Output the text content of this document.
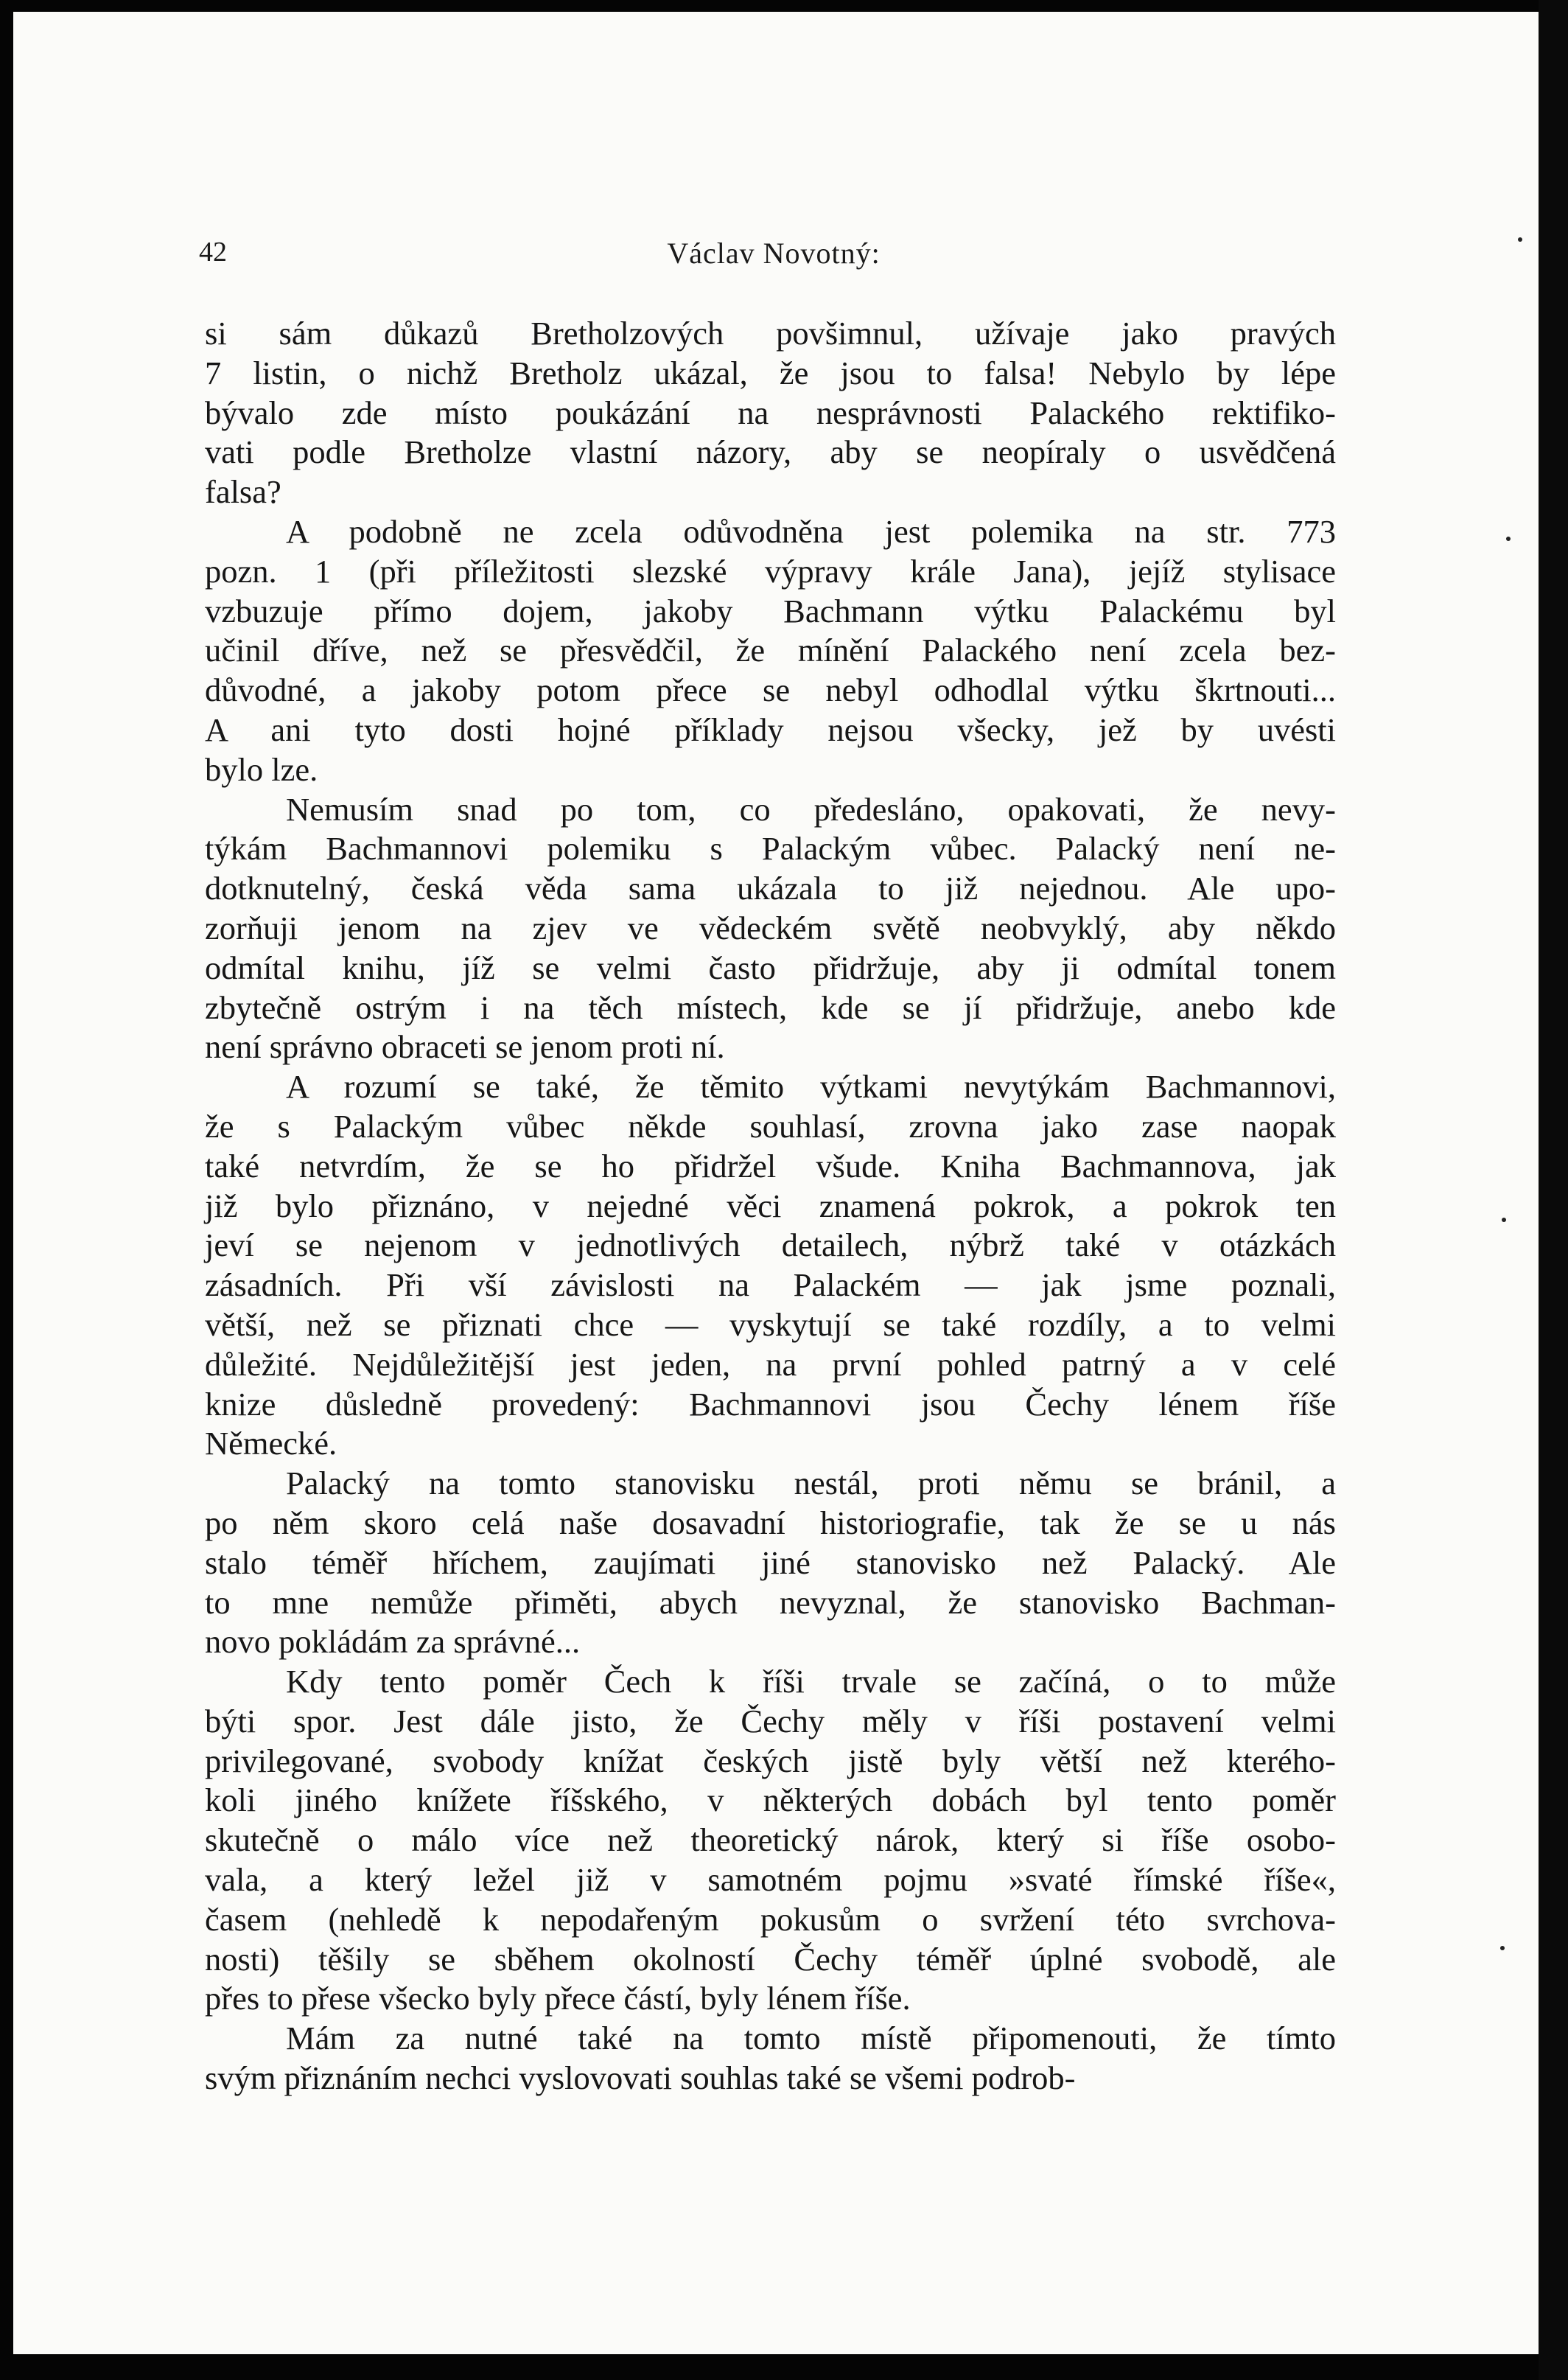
42	Václav Novotný:

si sám důkazů Bretholzových povšimnul, užívaje jako pravých
7 listin, o nichž Bretholz ukázal, že jsou to falsa! Nebylo by lépe
bývalo zde místo poukázání na nesprávnosti Palackého rektifiko-
vati podle Bretholze vlastní názory, aby se neopíraly o usvědčená
falsa?

A podobně ne zcela odůvodněna jest polemika na str. 773
pozn. 1 (při příležitosti slezské výpravy krále Jana), jejíž stylisace
vzbuzuje přímo dojem, jakoby Bachmann výtku Palackému byl
učinil dříve, než se přesvědčil, že mínění Palackého není zcela bez-
důvodné, a jakoby potom přece se nebyl odhodlal výtku škrtnouti...
A ani tyto dosti hojné příklady nejsou všecky, jež by uvésti
bylo lze.

Nemusím snad po tom, co předesláno, opakovati, že nevy-
týkám Bachmannovi polemiku s Palackým vůbec. Palacký není ne-
dotknutelný, česká věda sama ukázala to již nejednou. Ale upo-
zorňuji jenom na zjev ve vědeckém světě neobvyklý, aby někdo
odmítal knihu, jíž se velmi často přidržuje, aby ji odmítal tonem
zbytečně ostrým i na těch místech, kde se jí přidržuje, anebo kde
není správno obraceti se jenom proti ní.

A rozumí se také, že těmito výtkami nevytýkám Bachmannovi,
že s Palackým vůbec někde souhlasí, zrovna jako zase naopak
také netvrdím, že se ho přidržel všude. Kniha Bachmannova, jak
již bylo přiznáno, v nejedné věci znamená pokrok, a pokrok ten
jeví se nejenom v jednotlivých detailech, nýbrž také v otázkách
zásadních. Při vší závislosti na Palackém — jak jsme poznali,
větší, než se přiznati chce — vyskytují se také rozdíly, a to velmi
důležité. Nejdůležitější jest jeden, na první pohled patrný a v celé
knize důsledně provedený: Bachmannovi jsou Čechy lénem říše
Německé.

Palacký na tomto stanovisku nestál, proti němu se bránil, a
po něm skoro celá naše dosavadní historiografie, tak že se u nás
stalo téměř hříchem, zaujímati jiné stanovisko než Palacký. Ale
to mne nemůže přiměti, abych nevyznal, že stanovisko Bachman-
novo pokládám za správné...

Kdy tento poměr Čech k říši trvale se začíná, o to může
býti spor. Jest dále jisto, že Čechy měly v říši postavení velmi
privilegované, svobody knížat českých jistě byly větší než kteréhо-
koli jiného knížete říšského, v některých dobách byl tento poměr
skutečně o málo více než theoretický nárok, který si říše osobo-
vala, a který ležel již v samotném pojmu »svaté římské říše«,
časem (nehledě k nepodařeným pokusům o svržení této svrchova-
nosti) těšily se sběhem okolností Čechy téměř úplné svobodě, ale
přes to přese všecko byly přece částí, byly lénem říše.

Mám za nutné také na tomto místě připomenouti, že tímto
svým přiznáním nechci vyslovovati souhlas také se všemi podrob-
